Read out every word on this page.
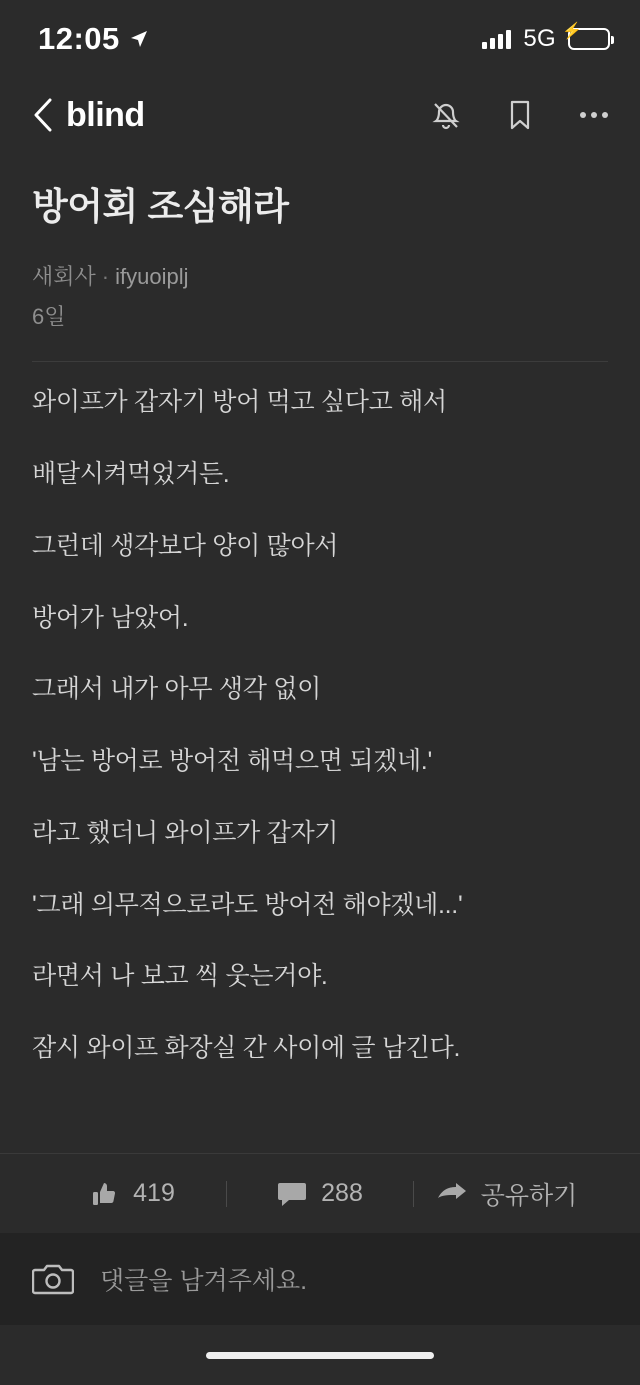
12:05	5G ⚡
blind
방어회 조심해라
새회사 · ifyuoiplj
6일

와이프가 갑자기 방어 먹고 싶다고 해서

배달시켜먹었거든.

그런데 생각보다 양이 많아서

방어가 남았어.

그래서 내가 아무 생각 없이

'남는 방어로 방어전 해먹으면 되겠네.'

라고 했더니 와이프가 갑자기

'그래 의무적으로라도 방어전 해야겠네...'

라면서 나 보고 씩 웃는거야.

잠시 와이프 화장실 간 사이에 글 남긴다.

419	288	공유하기
댓글을 남겨주세요.
